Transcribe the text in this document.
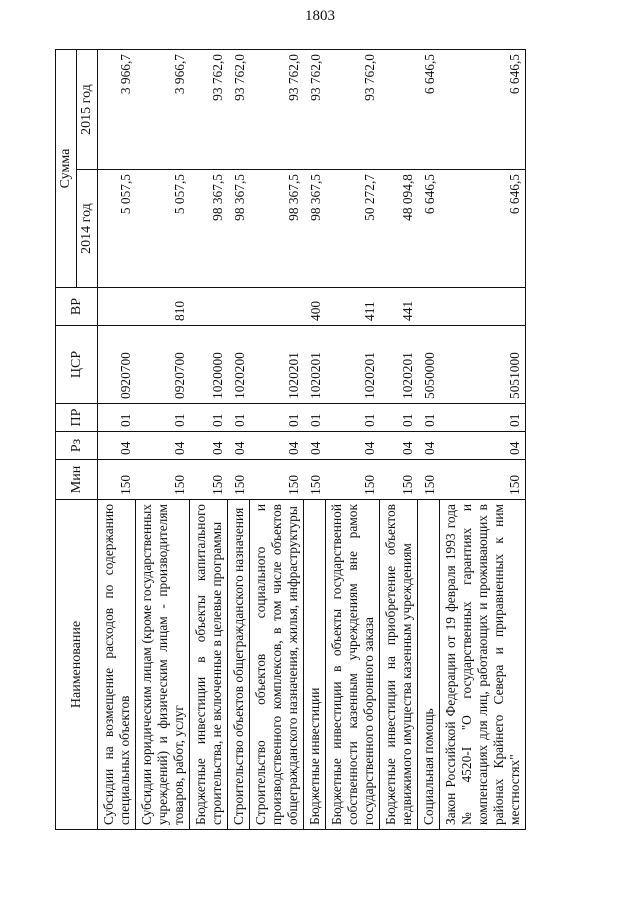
1803
Наименование	Мин	Рз	ПР	ЦСР	ВР	Сумма	
						2014 год	2015 год
Субсидии на возмещение расходов по содержанию специальных объектов	150	04	01	0920700		5 057,5	3 966,7
Субсидии юридическим лицам (кроме государственных учреждений) и физическим лицам - производителям товаров, работ, услуг	150	04	01	0920700	810	5 057,5	3 966,7
Бюджетные инвестиции в объекты капитального строительства, не включенные в целевые программы	150	04	01	1020000		98 367,5	93 762,0
Строительство объектов общегражданского назначения	150	04	01	1020200		98 367,5	93 762,0
Строительство объектов социального и производственного комплексов, в том числе объектов общегражданского назначения, жилья, инфраструктуры	150	04	01	1020201		98 367,5	93 762,0
Бюджетные инвестиции	150	04	01	1020201	400	98 367,5	93 762,0
Бюджетные инвестиции в объекты государственной собственности казенным учреждениям вне рамок государственного оборонного заказа	150	04	01	1020201	411	50 272,7	93 762,0
Бюджетные инвестиции на приобретение объектов недвижимого имущества казенным учреждениям	150	04	01	1020201	441	48 094,8	
Социальная помощь	150	04	01	5050000		6 646,5	6 646,5
Закон Российской Федерации от 19 февраля 1993 года № 4520-I "О государственных гарантиях и компенсациях для лиц, работающих и проживающих в районах Крайнего Севера и приравненных к ним местностях"	150	04	01	5051000		6 646,5	6 646,5
